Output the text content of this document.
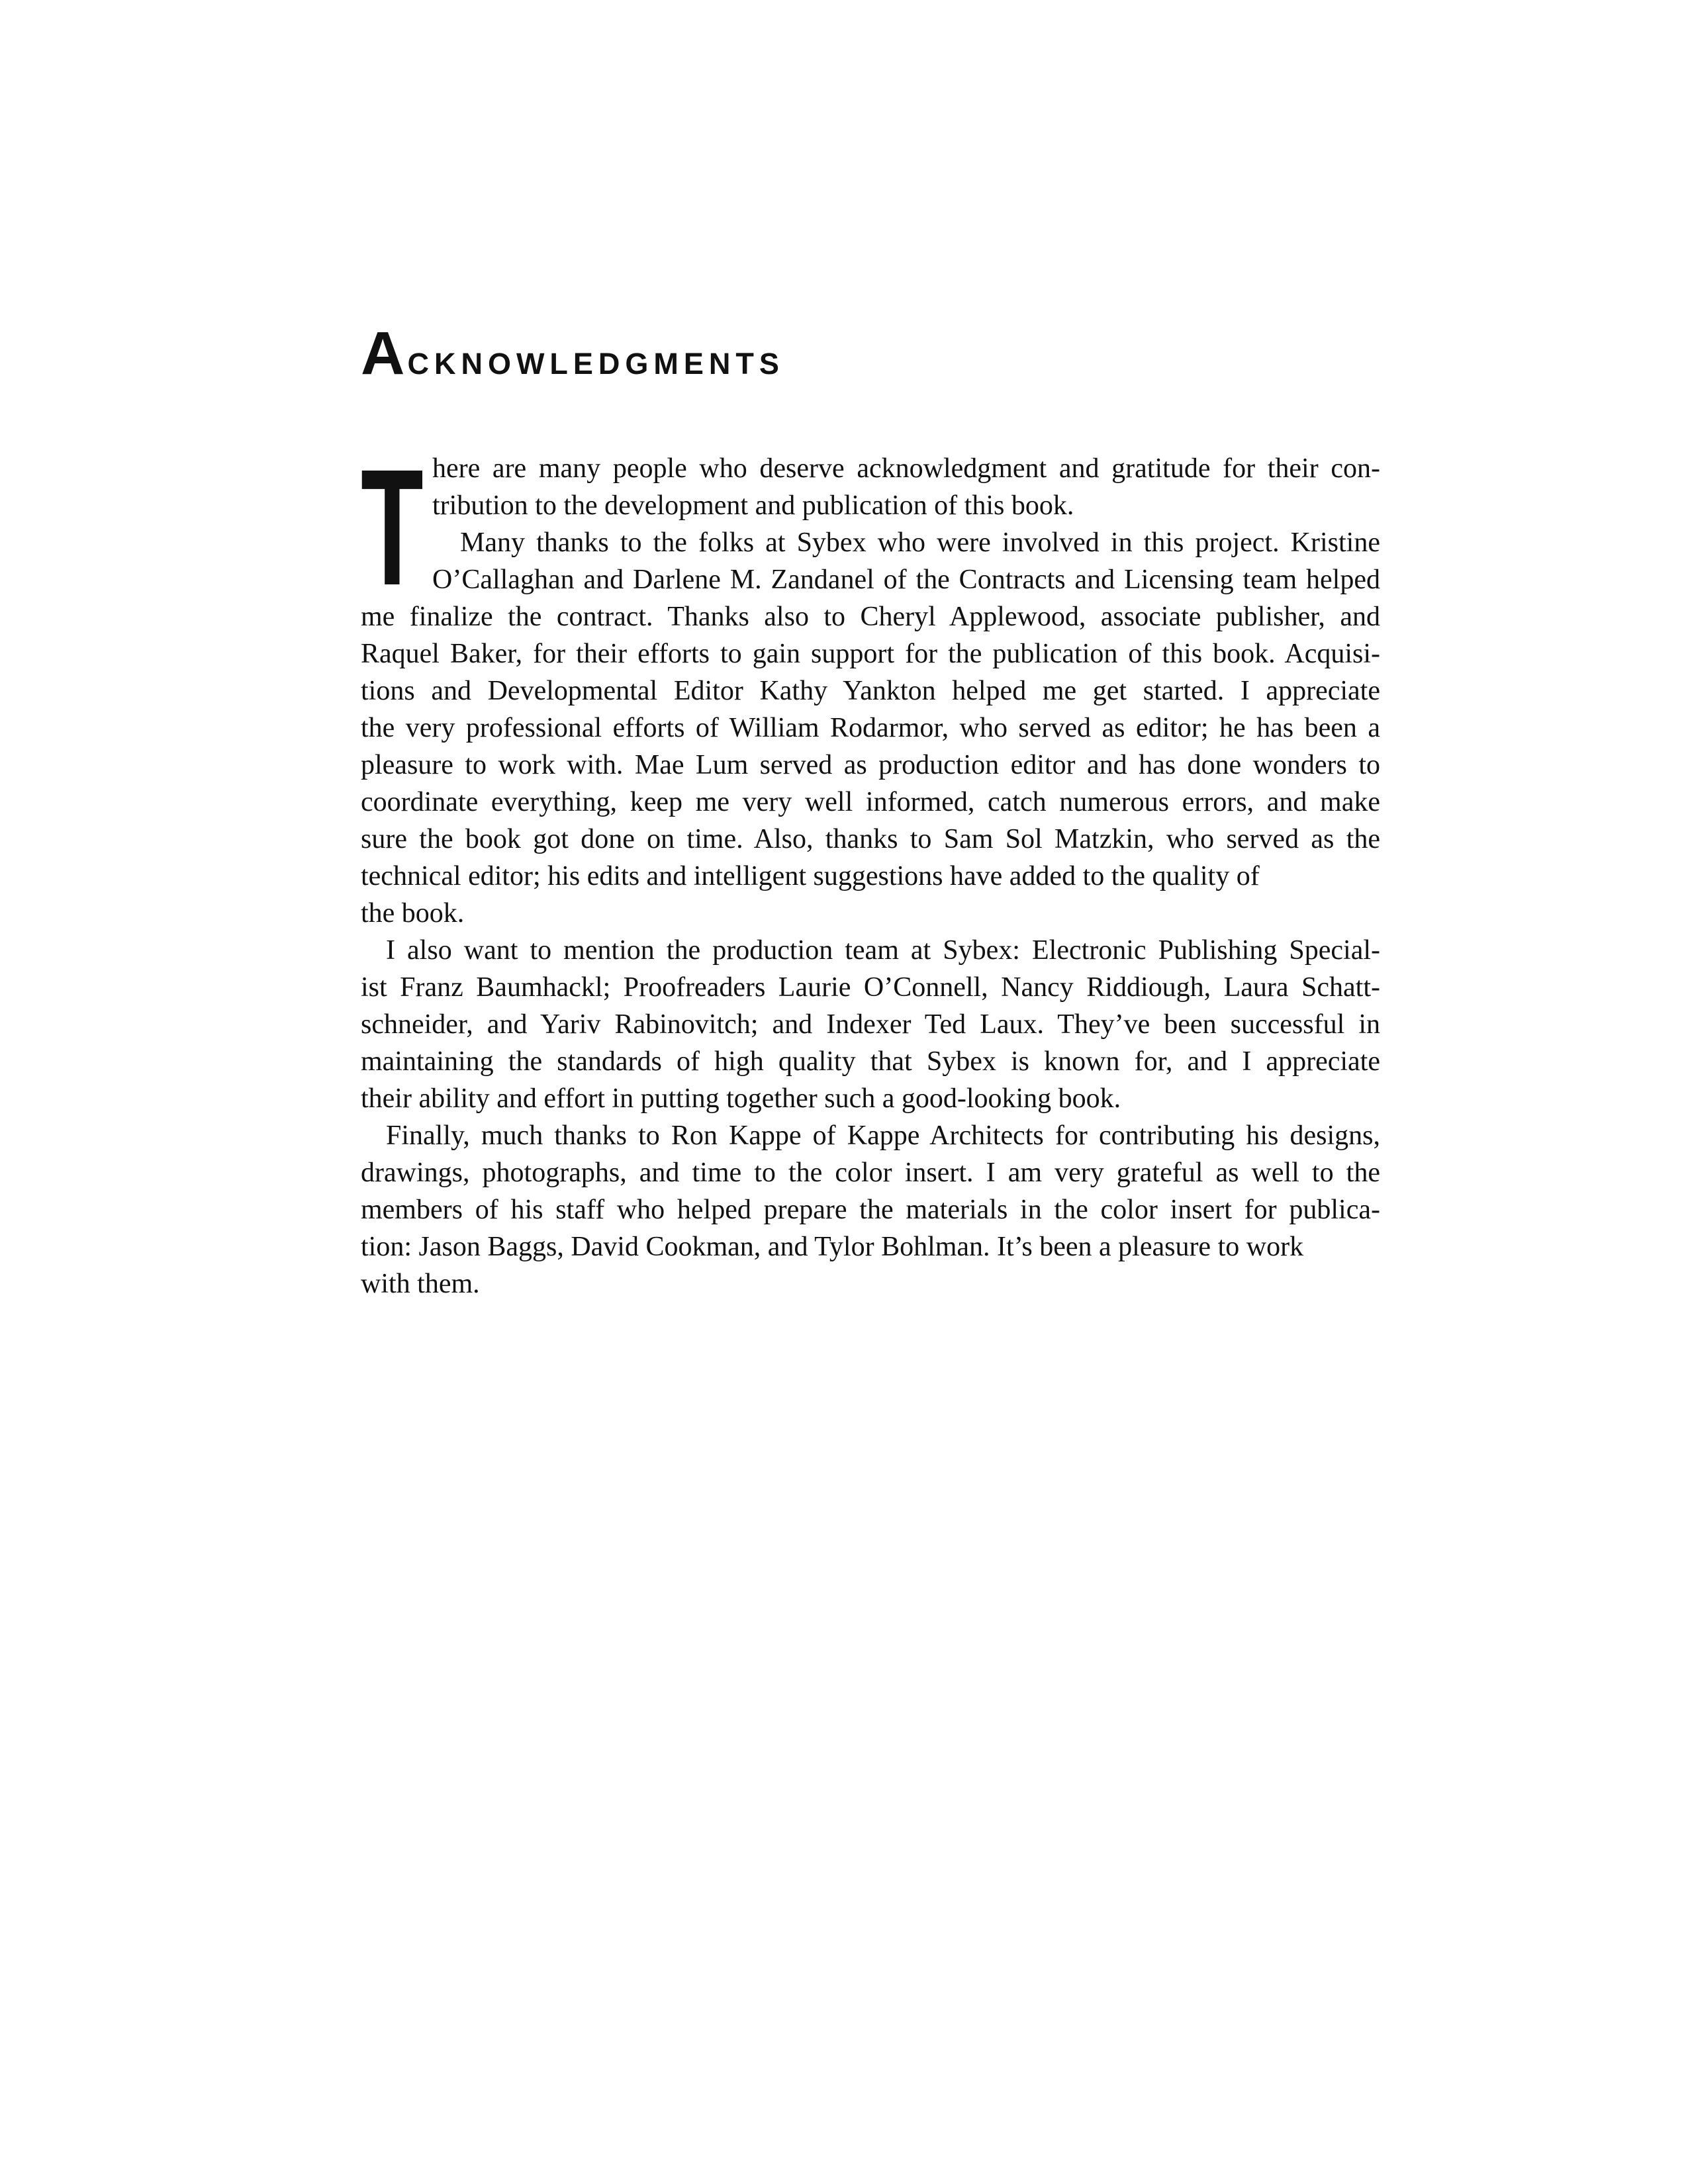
Acknowledgments
T here are many people who deserve acknowledgment and gratitude for their con-
tribution to the development and publication of this book.
Many thanks to the folks at Sybex who were involved in this project. Kristine
O’Callaghan and Darlene M. Zandanel of the Contracts and Licensing team helped
me finalize the contract. Thanks also to Cheryl Applewood, associate publisher, and
Raquel Baker, for their efforts to gain support for the publication of this book. Acquisi-
tions and Developmental Editor Kathy Yankton helped me get started. I appreciate
the very professional efforts of William Rodarmor, who served as editor; he has been a
pleasure to work with. Mae Lum served as production editor and has done wonders to
coordinate everything, keep me very well informed, catch numerous errors, and make
sure the book got done on time. Also, thanks to Sam Sol Matzkin, who served as the
technical editor; his edits and intelligent suggestions have added to the quality of
the book.
I also want to mention the production team at Sybex: Electronic Publishing Special-
ist Franz Baumhackl; Proofreaders Laurie O’Connell, Nancy Riddiough, Laura Schatt-
schneider, and Yariv Rabinovitch; and Indexer Ted Laux. They’ve been successful in
maintaining the standards of high quality that Sybex is known for, and I appreciate
their ability and effort in putting together such a good-looking book.
Finally, much thanks to Ron Kappe of Kappe Architects for contributing his designs,
drawings, photographs, and time to the color insert. I am very grateful as well to the
members of his staff who helped prepare the materials in the color insert for publica-
tion: Jason Baggs, David Cookman, and Tylor Bohlman. It’s been a pleasure to work
with them.
